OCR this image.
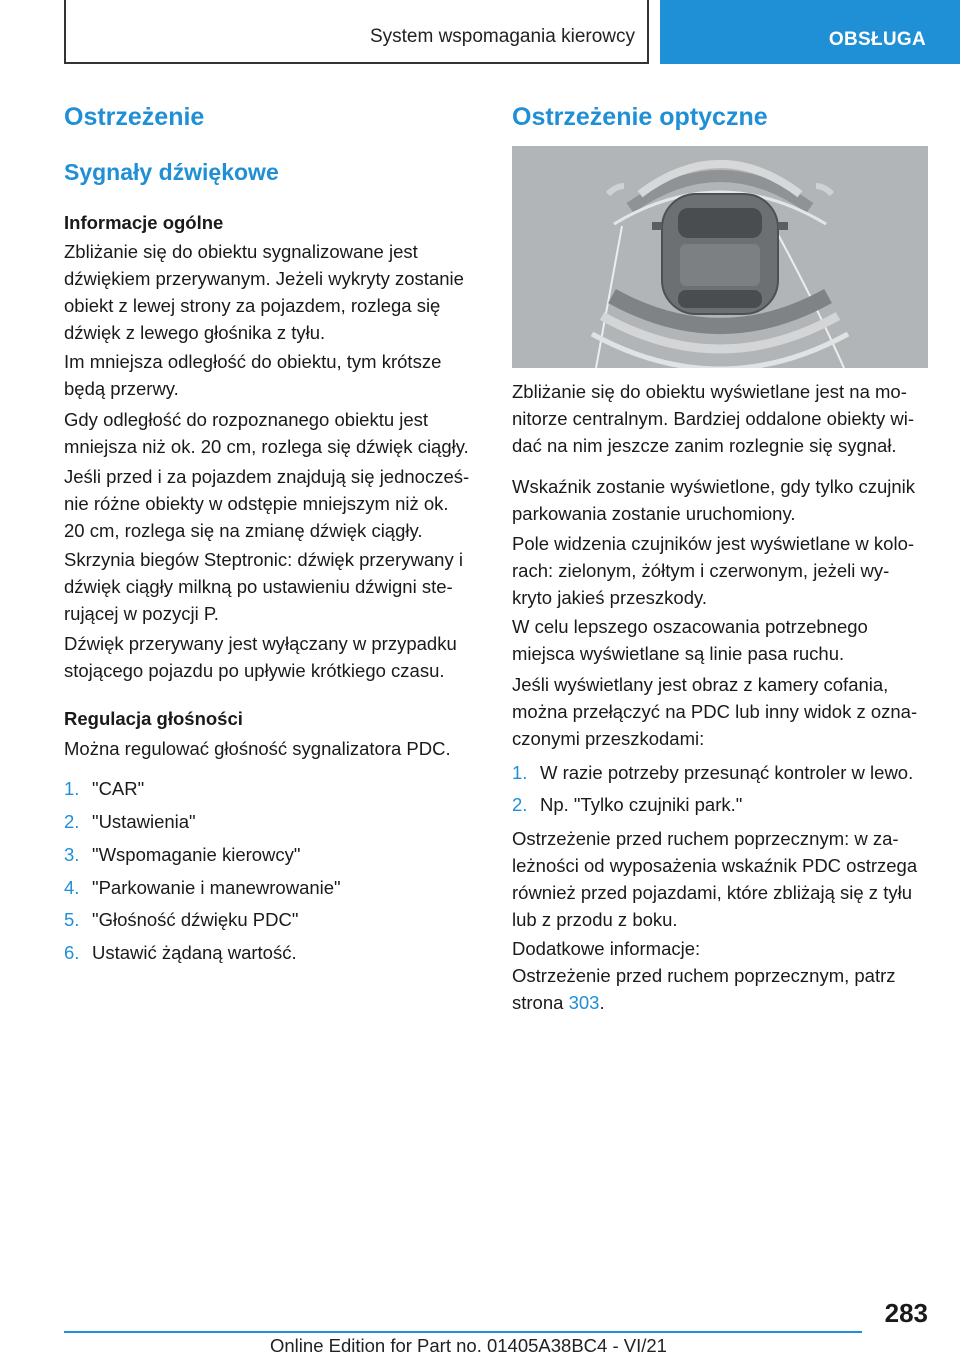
System wspomagania kierowcy	OBSŁUGA
Ostrzeżenie
Sygnały dźwiękowe
Informacje ogólne
Zbliżanie się do obiektu sygnalizowane jest
dźwiękiem przerywanym. Jeżeli wykryty zostanie
obiekt z lewej strony za pojazdem, rozlega się
dźwięk z lewego głośnika z tyłu.
Im mniejsza odległość do obiektu, tym krótsze
będą przerwy.
Gdy odległość do rozpoznanego obiektu jest
mniejsza niż ok. 20 cm, rozlega się dźwięk ciągły.
Jeśli przed i za pojazdem znajdują się jednocześ‐
nie różne obiekty w odstępie mniejszym niż ok.
20 cm, rozlega się na zmianę dźwięk ciągły.
Skrzynia biegów Steptronic: dźwięk przerywany i
dźwięk ciągły milkną po ustawieniu dźwigni ste‐
rującej w pozycji P.
Dźwięk przerywany jest wyłączany w przypadku
stojącego pojazdu po upływie krótkiego czasu.
Regulacja głośności
Można regulować głośność sygnalizatora PDC.
1. "CAR"
2. "Ustawienia"
3. "Wspomaganie kierowcy"
4. "Parkowanie i manewrowanie"
5. "Głośność dźwięku PDC"
6. Ustawić żądaną wartość.
Ostrzeżenie optyczne
Zbliżanie się do obiektu wyświetlane jest na mo‐
nitorze centralnym. Bardziej oddalone obiekty wi‐
dać na nim jeszcze zanim rozlegnie się sygnał.
Wskaźnik zostanie wyświetlone, gdy tylko czujnik
parkowania zostanie uruchomiony.
Pole widzenia czujników jest wyświetlane w kolo‐
rach: zielonym, żółtym i czerwonym, jeżeli wy‐
kryto jakieś przeszkody.
W celu lepszego oszacowania potrzebnego
miejsca wyświetlane są linie pasa ruchu.
Jeśli wyświetlany jest obraz z kamery cofania,
można przełączyć na PDC lub inny widok z ozna‐
czonymi przeszkodami:
1. W razie potrzeby przesunąć kontroler w lewo.
2. Np. "Tylko czujniki park."
Ostrzeżenie przed ruchem poprzecznym: w za‐
leżności od wyposażenia wskaźnik PDC ostrzega
również przed pojazdami, które zbliżają się z tyłu
lub z przodu z boku.
Dodatkowe informacje:
Ostrzeżenie przed ruchem poprzecznym, patrz
strona 303.
283
Online Edition for Part no. 01405A38BC4 - VI/21
